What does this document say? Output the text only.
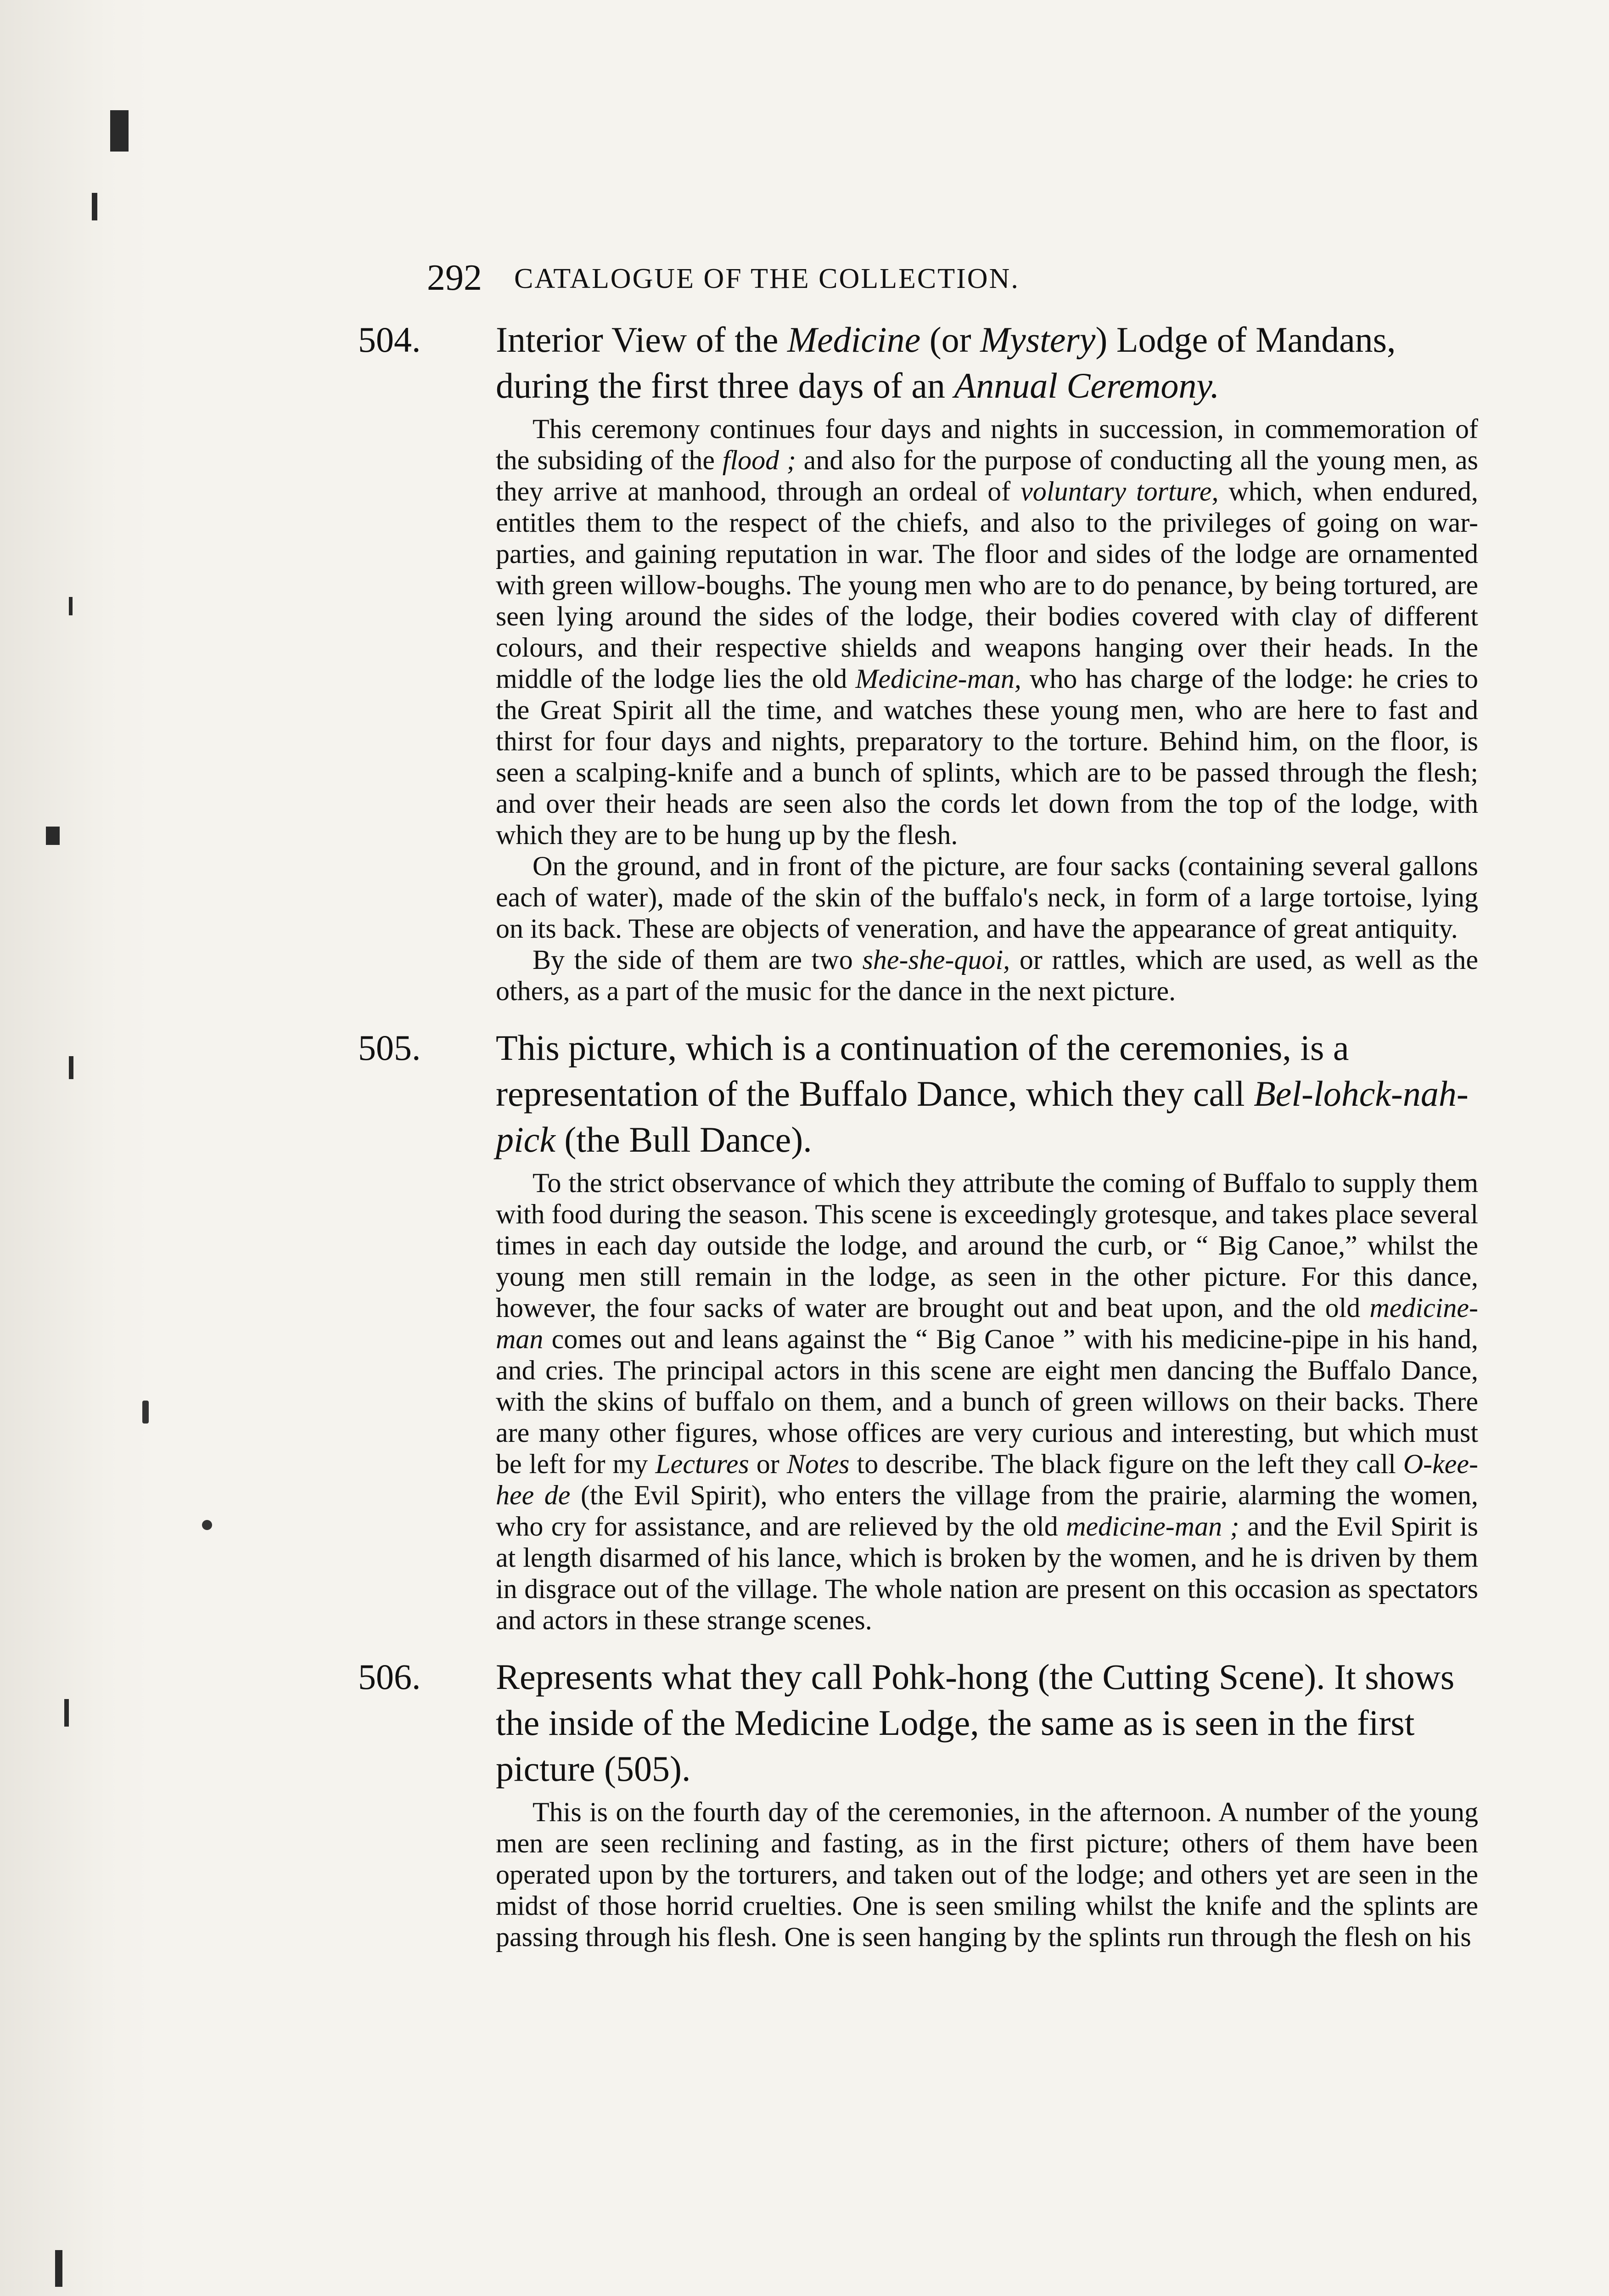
292 CATALOGUE OF THE COLLECTION.
504. Interior View of the Medicine (or Mystery) Lodge of Mandans, during the first three days of an Annual Ceremony.

This ceremony continues four days and nights in succession, in commemoration of the subsiding of the flood ; and also for the purpose of conducting all the young men, as they arrive at manhood, through an ordeal of voluntary torture, which, when endured, entitles them to the respect of the chiefs, and also to the privileges of going on war-parties, and gaining reputation in war. The floor and sides of the lodge are ornamented with green willow-boughs. The young men who are to do penance, by being tortured, are seen lying around the sides of the lodge, their bodies covered with clay of different colours, and their respective shields and weapons hanging over their heads. In the middle of the lodge lies the old Medicine-man, who has charge of the lodge: he cries to the Great Spirit all the time, and watches these young men, who are here to fast and thirst for four days and nights, preparatory to the torture. Behind him, on the floor, is seen a scalping-knife and a bunch of splints, which are to be passed through the flesh; and over their heads are seen also the cords let down from the top of the lodge, with which they are to be hung up by the flesh.

On the ground, and in front of the picture, are four sacks (containing several gallons each of water), made of the skin of the buffalo's neck, in form of a large tortoise, lying on its back. These are objects of veneration, and have the appearance of great antiquity.

By the side of them are two she-she-quoi, or rattles, which are used, as well as the others, as a part of the music for the dance in the next picture.

505. This picture, which is a continuation of the ceremonies, is a representation of the Buffalo Dance, which they call Bel-lohck-nah-pick (the Bull Dance).

To the strict observance of which they attribute the coming of Buffalo to supply them with food during the season. This scene is exceedingly grotesque, and takes place several times in each day outside the lodge, and around the curb, or “ Big Canoe,” whilst the young men still remain in the lodge, as seen in the other picture. For this dance, however, the four sacks of water are brought out and beat upon, and the old medicine-man comes out and leans against the “ Big Canoe ” with his medicine-pipe in his hand, and cries. The principal actors in this scene are eight men dancing the Buffalo Dance, with the skins of buffalo on them, and a bunch of green willows on their backs. There are many other figures, whose offices are very curious and interesting, but which must be left for my Lectures or Notes to describe. The black figure on the left they call O-kee-hee de (the Evil Spirit), who enters the village from the prairie, alarming the women, who cry for assistance, and are relieved by the old medicine-man ; and the Evil Spirit is at length disarmed of his lance, which is broken by the women, and he is driven by them in disgrace out of the village. The whole nation are present on this occasion as spectators and actors in these strange scenes.

506. Represents what they call Pohk-hong (the Cutting Scene). It shows the inside of the Medicine Lodge, the same as is seen in the first picture (505).

This is on the fourth day of the ceremonies, in the afternoon. A number of the young men are seen reclining and fasting, as in the first picture; others of them have been operated upon by the torturers, and taken out of the lodge; and others yet are seen in the midst of those horrid cruelties. One is seen smiling whilst the knife and the splints are passing through his flesh. One is seen hanging by the splints run through the flesh on his
